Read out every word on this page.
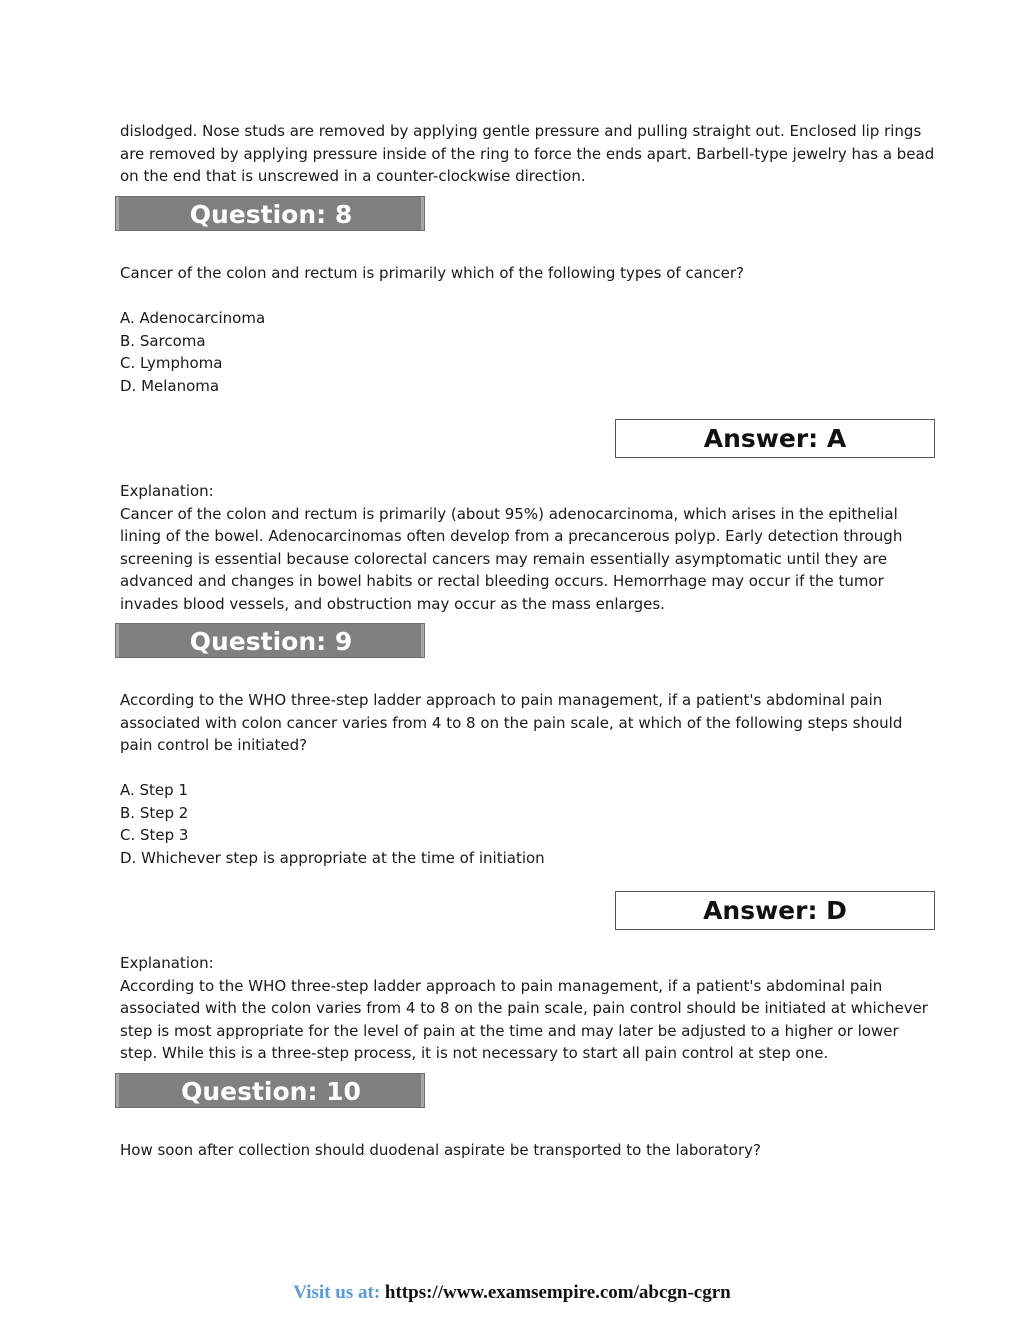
dislodged. Nose studs are removed by applying gentle pressure and pulling straight out. Enclosed lip rings
are removed by applying pressure inside of the ring to force the ends apart. Barbell-type jewelry has a bead
on the end that is unscrewed in a counter-clockwise direction.
Question: 8
Cancer of the colon and rectum is primarily which of the following types of cancer?
A. Adenocarcinoma
B. Sarcoma
C. Lymphoma
D. Melanoma
Answer: A
Explanation:
Cancer of the colon and rectum is primarily (about 95%) adenocarcinoma, which arises in the epithelial
lining of the bowel. Adenocarcinomas often develop from a precancerous polyp. Early detection through
screening is essential because colorectal cancers may remain essentially asymptomatic until they are
advanced and changes in bowel habits or rectal bleeding occurs. Hemorrhage may occur if the tumor
invades blood vessels, and obstruction may occur as the mass enlarges.
Question: 9
According to the WHO three-step ladder approach to pain management, if a patient's abdominal pain
associated with colon cancer varies from 4 to 8 on the pain scale, at which of the following steps should
pain control be initiated?
A. Step 1
B. Step 2
C. Step 3
D. Whichever step is appropriate at the time of initiation
Answer: D
Explanation:
According to the WHO three-step ladder approach to pain management, if a patient's abdominal pain
associated with the colon varies from 4 to 8 on the pain scale, pain control should be initiated at whichever
step is most appropriate for the level of pain at the time and may later be adjusted to a higher or lower
step. While this is a three-step process, it is not necessary to start all pain control at step one.
Question: 10
How soon after collection should duodenal aspirate be transported to the laboratory?
Visit us at: https://www.examsempire.com/abcgn-cgrn
